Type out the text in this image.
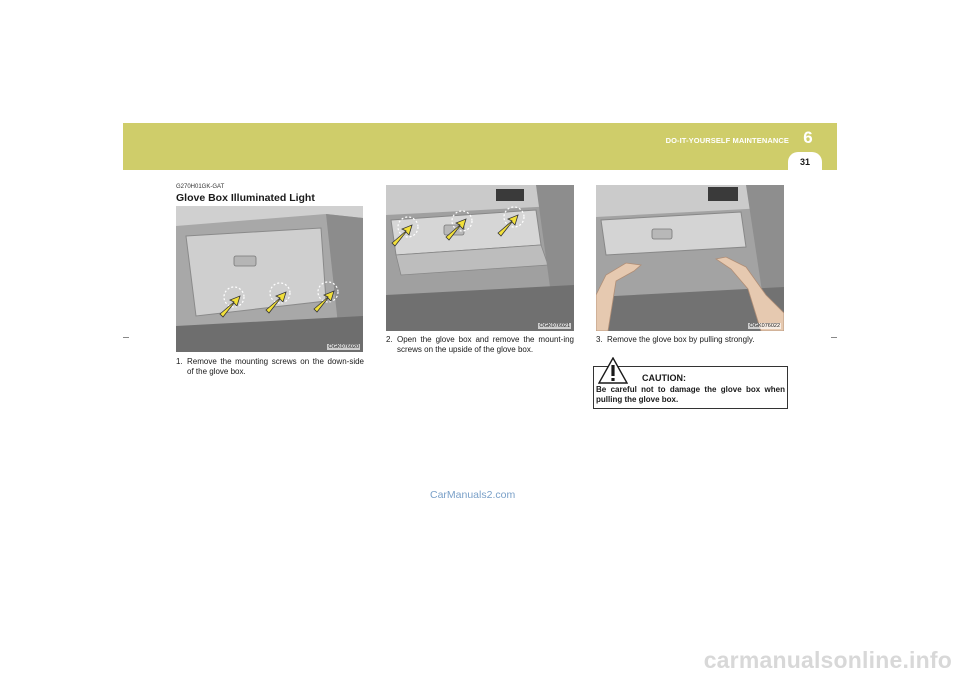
DO-IT-YOURSELF MAINTENANCE 6
31
G270H01GK-GAT
Glove Box Illuminated Light
OGK076020
1. Remove the mounting screws on the down-side of the glove box.
OGK076021
2. Open the glove box and remove the mount-ing screws on the upside of the glove box.
OGK076022
3. Remove the glove box by pulling strongly.
CAUTION:
Be careful not to damage the glove box when pulling the glove box.
CarManuals2.com
carmanualsonline.info
